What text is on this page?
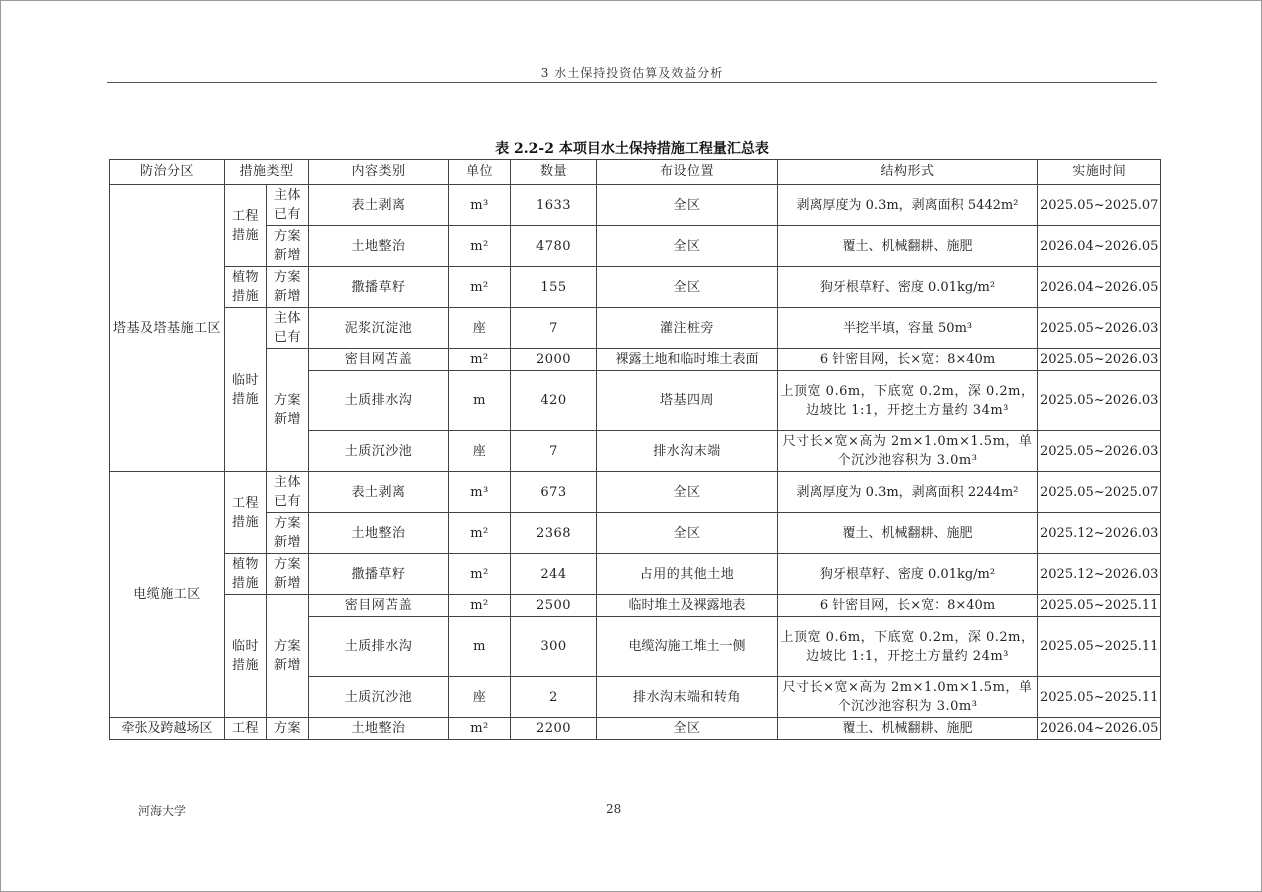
3 水土保持投资估算及效益分析
表 2.2-2 本项目水土保持措施工程量汇总表
防治分区	措施类型		内容类别	单位	数量	布设位置	结构形式	实施时间
塔基及塔基施工区	工程措施	主体已有	表土剥离	m³	1633	全区	剥离厚度为 0.3m，剥离面积 5442m²	2025.05~2025.07
		方案新增	土地整治	m²	4780	全区	覆土、机械翻耕、施肥	2026.04~2026.05
	植物措施	方案新增	撒播草籽	m²	155	全区	狗牙根草籽、密度 0.01kg/m²	2026.04~2026.05
	临时措施	主体已有	泥浆沉淀池	座	7	灌注桩旁	半挖半填，容量 50m³	2025.05~2026.03
		方案新增	密目网苫盖	m²	2000	裸露土地和临时堆土表面	6 针密目网，长×宽：8×40m	2025.05~2026.03
			土质排水沟	m	420	塔基四周	上顶宽 0.6m，下底宽 0.2m，深 0.2m，边坡比 1:1，开挖土方量约 34m³	2025.05~2026.03
			土质沉沙池	座	7	排水沟末端	尺寸长×宽×高为 2m×1.0m×1.5m，单个沉沙池容积为 3.0m³	2025.05~2026.03
电缆施工区	工程措施	主体已有	表土剥离	m³	673	全区	剥离厚度为 0.3m，剥离面积 2244m²	2025.05~2025.07
		方案新增	土地整治	m²	2368	全区	覆土、机械翻耕、施肥	2025.12~2026.03
	植物措施	方案新增	撒播草籽	m²	244	占用的其他土地	狗牙根草籽、密度 0.01kg/m²	2025.12~2026.03
	临时措施	方案新增	密目网苫盖	m²	2500	临时堆土及裸露地表	6 针密目网，长×宽：8×40m	2025.05~2025.11
			土质排水沟	m	300	电缆沟施工堆土一侧	上顶宽 0.6m，下底宽 0.2m，深 0.2m，边坡比 1:1，开挖土方量约 24m³	2025.05~2025.11
			土质沉沙池	座	2	排水沟末端和转角	尺寸长×宽×高为 2m×1.0m×1.5m，单个沉沙池容积为 3.0m³	2025.05~2025.11
牵张及跨越场区	工程	方案	土地整治	m²	2200	全区	覆土、机械翻耕、施肥	2026.04~2026.05
河海大学	28
